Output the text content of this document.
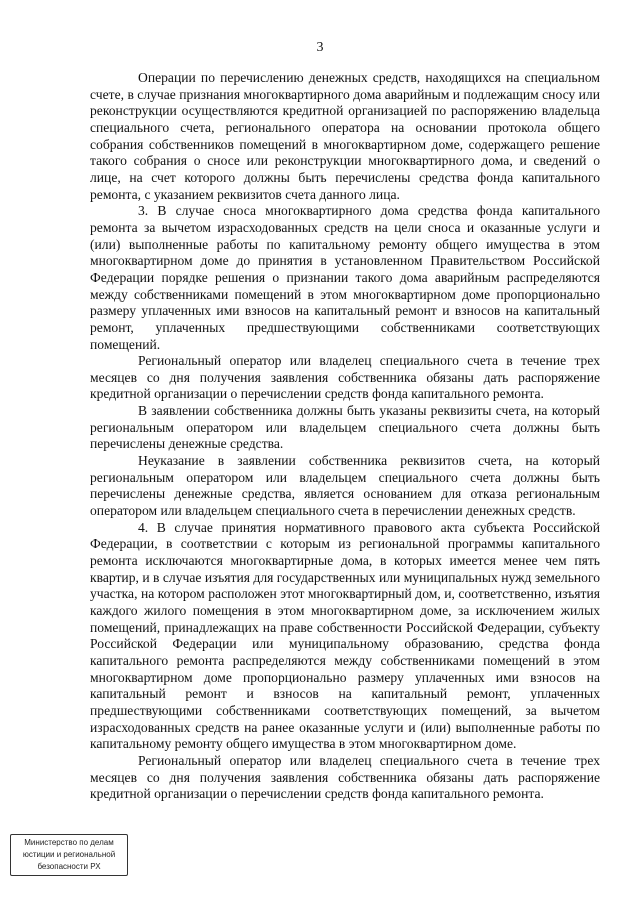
3

Операции по перечислению денежных средств, находящихся на специальном счете, в случае признания многоквартирного дома аварийным и подлежащим сносу или реконструкции осуществляются кредитной организацией по распоряжению владельца специального счета, регионального оператора на основании протокола общего собрания собственников помещений в многоквартирном доме, содержащего решение такого собрания о сносе или реконструкции многоквартирного дома, и сведений о лице, на счет которого должны быть перечислены средства фонда капитального ремонта, с указанием реквизитов счета данного лица.

3. В случае сноса многоквартирного дома средства фонда капитального ремонта за вычетом израсходованных средств на цели сноса и оказанные услуги и (или) выполненные работы по капитальному ремонту общего имущества в этом многоквартирном доме до принятия в установленном Правительством Российской Федерации порядке решения о признании такого дома аварийным распределяются между собственниками помещений в этом многоквартирном доме пропорционально размеру уплаченных ими взносов на капитальный ремонт и взносов на капитальный ремонт, уплаченных предшествующими собственниками соответствующих помещений.

Региональный оператор или владелец специального счета в течение трех месяцев со дня получения заявления собственника обязаны дать распоряжение кредитной организации о перечислении средств фонда капитального ремонта.

В заявлении собственника должны быть указаны реквизиты счета, на который региональным оператором или владельцем специального счета должны быть перечислены денежные средства.

Неуказание в заявлении собственника реквизитов счета, на который региональным оператором или владельцем специального счета должны быть перечислены денежные средства, является основанием для отказа региональным оператором или владельцем специального счета в перечислении денежных средств.

4. В случае принятия нормативного правового акта субъекта Российской Федерации, в соответствии с которым из региональной программы капитального ремонта исключаются многоквартирные дома, в которых имеется менее чем пять квартир, и в случае изъятия для государственных или муниципальных нужд земельного участка, на котором расположен этот многоквартирный дом, и, соответственно, изъятия каждого жилого помещения в этом многоквартирном доме, за исключением жилых помещений, принадлежащих на праве собственности Российской Федерации, субъекту Российской Федерации или муниципальному образованию, средства фонда капитального ремонта распределяются между собственниками помещений в этом многоквартирном доме пропорционально размеру уплаченных ими взносов на капитальный ремонт и взносов на капитальный ремонт, уплаченных предшествующими собственниками соответствующих помещений, за вычетом израсходованных средств на ранее оказанные услуги и (или) выполненные работы по капитальному ремонту общего имущества в этом многоквартирном доме.

Региональный оператор или владелец специального счета в течение трех месяцев со дня получения заявления собственника обязаны дать распоряжение кредитной организации о перечислении средств фонда капитального ремонта.

Министерство по делам
юстиции и региональной
безопасности РХ
